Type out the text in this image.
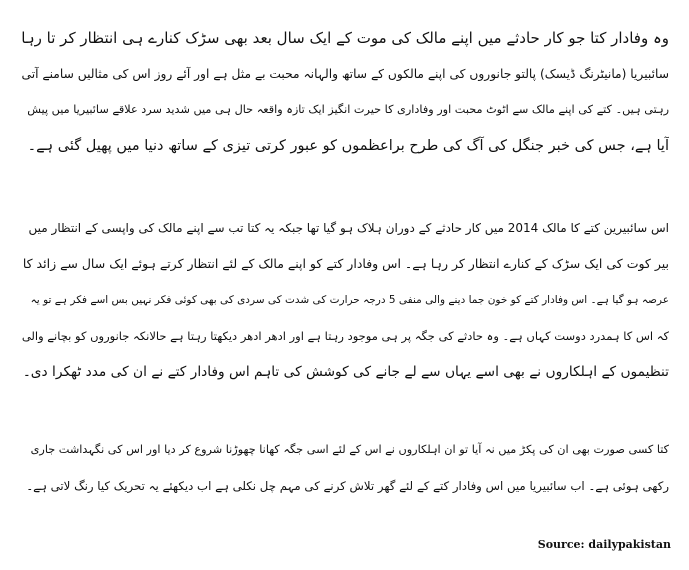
وہ وفادار کتا جو کار حادثے میں اپنے مالک کی موت کے ایک سال بعد بھی سڑک کنارے ہی انتظار کر تا رہا
سائبیریا (مانیٹرنگ ڈیسک) پالتو جانوروں کی اپنے مالکوں کے ساتھ والہانہ محبت بے مثل ہے اور آئے روز اس کی مثالیں سامنے آتی
رہتی ہیں۔ کتے کی اپنے مالک سے اٹوٹ محبت اور وفاداری کا حیرت انگیز ایک تازہ واقعہ حال ہی میں شدید سرد علاقے سائبیریا میں پیش
آیا ہے، جس کی خبر جنگل کی آگ کی طرح براعظموں کو عبور کرتی تیزی کے ساتھ دنیا میں پھیل گئی ہے۔
اس سائبیرین کتے کا مالک 2014 میں کار حادثے کے دوران ہلاک ہو گیا تھا جبکہ یہ کتا تب سے اپنے مالک کی واپسی کے انتظار میں
بیر کوت کی ایک سڑک کے کنارے انتظار کر رہا ہے۔ اس وفادار کتے کو اپنے مالک کے لئے انتظار کرتے ہوئے ایک سال سے زائد کا
عرصہ ہو گیا ہے۔ اس وفادار کتے کو خون جما دینے والی منفی 5 درجہ حرارت کی شدت کی سردی کی بھی کوئی فکر نہیں بس اسے فکر ہے تو یہ
کہ اس کا ہمدرد دوست کہاں ہے۔ وہ حادثے کی جگہ پر ہی موجود رہتا ہے اور ادھر ادھر دیکھتا رہتا ہے حالانکہ جانوروں کو بچانے والی
تنظیموں کے اہلکاروں نے بھی اسے یہاں سے لے جانے کی کوشش کی تاہم اس وفادار کتے نے ان کی مدد ٹھکرا دی۔
کتا کسی صورت بھی ان کی پکڑ میں نہ آیا تو ان اہلکاروں نے اس کے لئے اسی جگہ کھانا چھوڑنا شروع کر دیا اور اس کی نگہداشت جاری
رکھی ہوئی ہے۔ اب سائبیریا میں اس وفادار کتے کے لئے گھر تلاش کرنے کی مہم چل نکلی ہے اب دیکھئے یہ تحریک کیا رنگ لاتی ہے۔
Source: dailypakistan
